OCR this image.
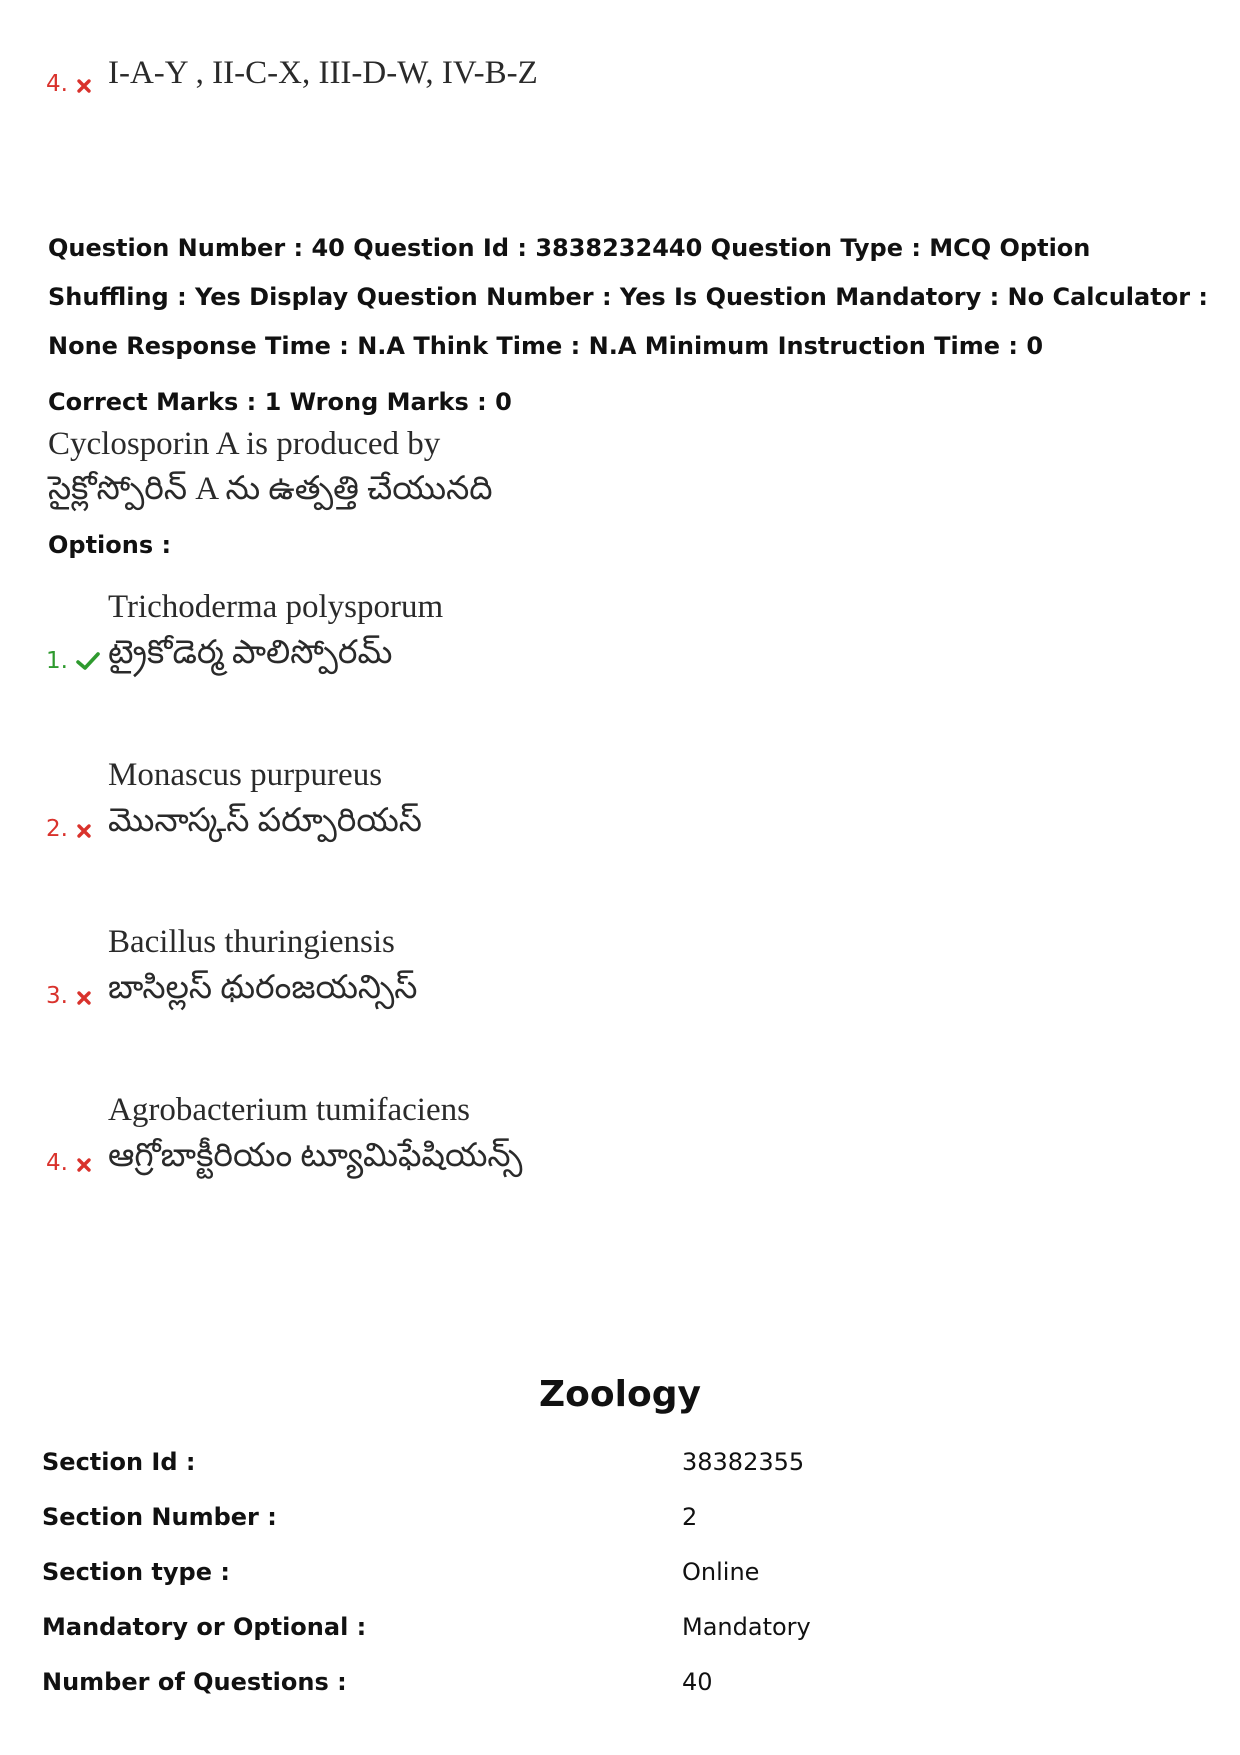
4. I-A-Y , II-C-X, III-D-W, IV-B-Z
Question Number : 40 Question Id : 3838232440 Question Type : MCQ Option Shuffling : Yes Display Question Number : Yes Is Question Mandatory : No Calculator : None Response Time : N.A Think Time : N.A Minimum Instruction Time : 0
Correct Marks : 1 Wrong Marks : 0
Cyclosporin A is produced by
సైక్లోస్పోరిన్ A ను ఉత్పత్తి చేయునది
Options :
Trichoderma polysporum
ట్రైకోడెర్మ పాలిస్పోరమ్
1.
Monascus purpureus
మొనాస్కస్ పర్పూరియస్
2.
Bacillus thuringiensis
బాసిల్లస్ థురంజయన్సిస్
3.
Agrobacterium tumifaciens
ఆగ్రోబాక్టీరియం ట్యూమిఫేషియన్స్
4.
Zoology
Section Id :	38382355
Section Number :	2
Section type :	Online
Mandatory or Optional :	Mandatory
Number of Questions :	40
